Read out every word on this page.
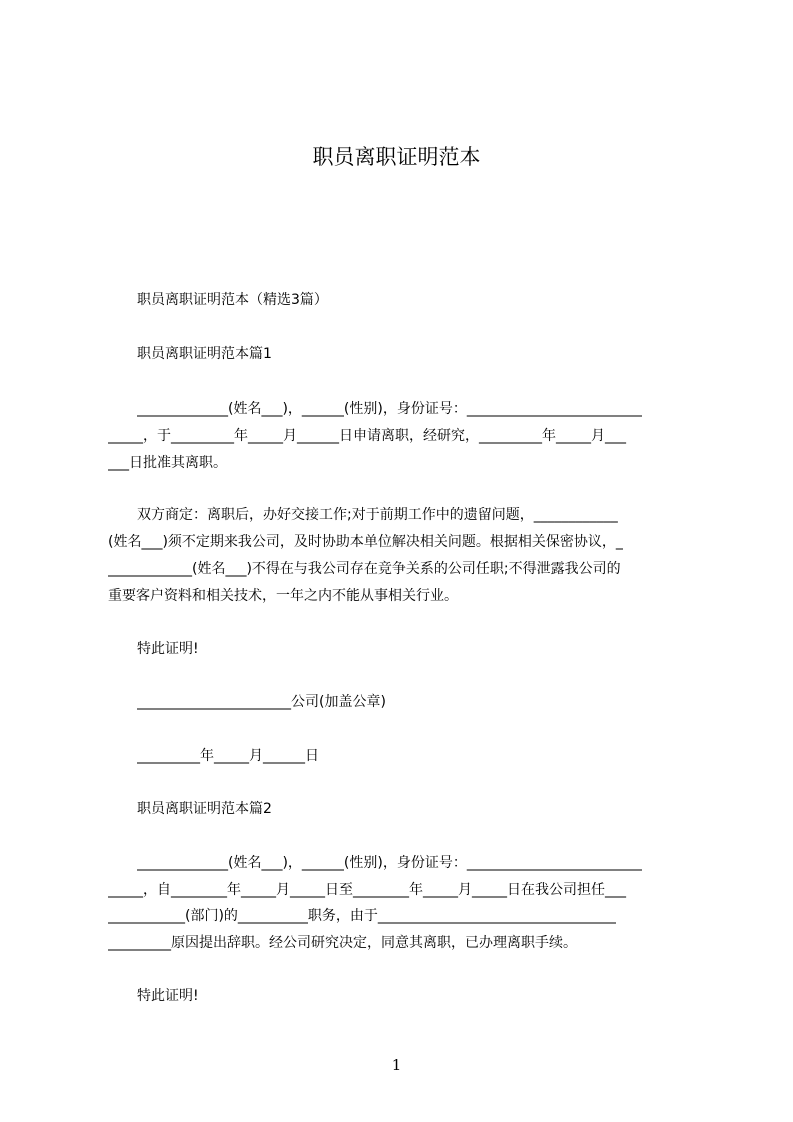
职员离职证明范本
职员离职证明范本（精选3篇）
职员离职证明范本篇1
_____________(姓名___)，______(性别)，身份证号：_________________________
_____，于_________年_____月______日申请离职，经研究，_________年_____月___
___日批准其离职。
双方商定：离职后，办好交接工作;对于前期工作中的遗留问题，____________
(姓名___)须不定期来我公司，及时协助本单位解决相关问题。根据相关保密协议，_
____________(姓名___)不得在与我公司存在竞争关系的公司任职;不得泄露我公司的
重要客户资料和相关技术，一年之内不能从事相关行业。
特此证明!
______________________公司(加盖公章)
_________年_____月______日
职员离职证明范本篇2
_____________(姓名___)，______(性别)，身份证号：_________________________
_____，自________年_____月_____日至________年_____月_____日在我公司担任___
___________(部门)的__________职务，由于__________________________________
_________原因提出辞职。经公司研究决定，同意其离职，已办理离职手续。
特此证明!
1
